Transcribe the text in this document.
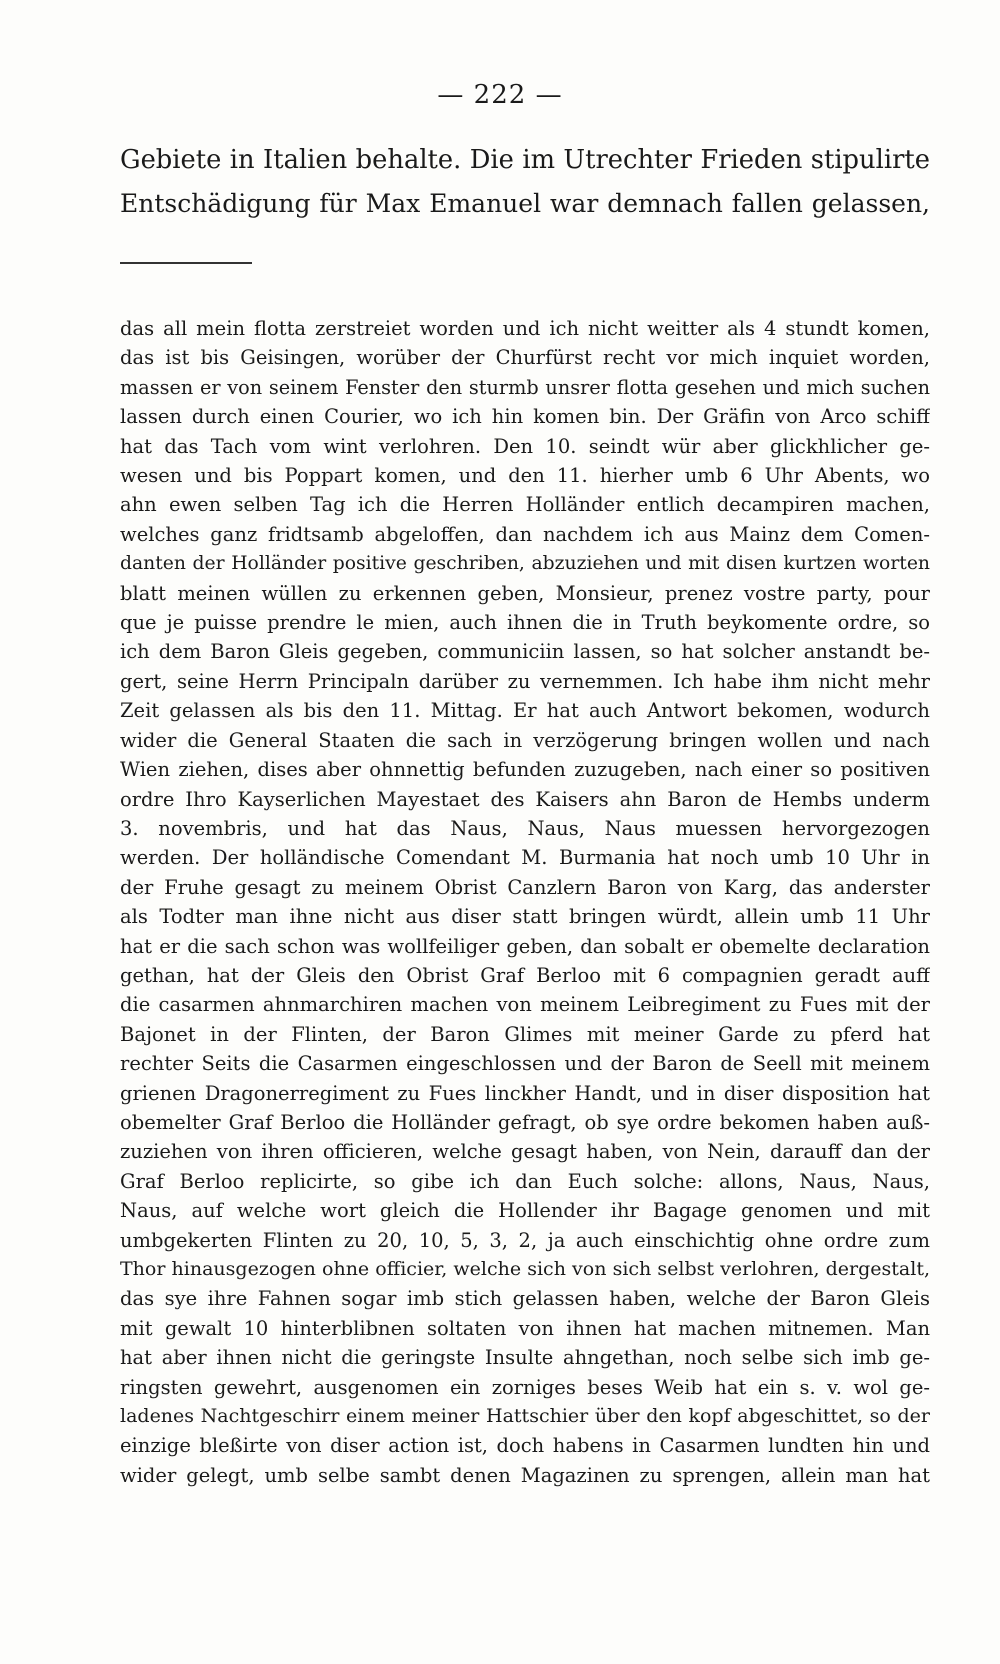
— 222 —
Gebiete in Italien behalte. Die im Utrechter Frieden stipulirte
Entschädigung für Max Emanuel war demnach fallen gelassen,
das all mein flotta zerstreiet worden und ich nicht weitter als 4 stundt komen,
das ist bis Geisingen, worüber der Churfürst recht vor mich inquiet worden,
massen er von seinem Fenster den sturmb unsrer flotta gesehen und mich suchen
lassen durch einen Courier, wo ich hin komen bin. Der Gräfin von Arco schiff
hat das Tach vom wint verlohren. Den 10. seindt wür aber glickhlicher ge-
wesen und bis Poppart komen, und den 11. hierher umb 6 Uhr Abents, wo
ahn ewen selben Tag ich die Herren Holländer entlich decampiren machen,
welches ganz fridtsamb abgeloffen, dan nachdem ich aus Mainz dem Comen-
danten der Holländer positive geschriben, abzuziehen und mit disen kurtzen worten
blatt meinen wüllen zu erkennen geben, Monsieur, prenez vostre party, pour
que je puisse prendre le mien, auch ihnen die in Truth beykomente ordre, so
ich dem Baron Gleis gegeben, communiciin lassen, so hat solcher anstandt be-
gert, seine Herrn Principaln darüber zu vernemmen. Ich habe ihm nicht mehr
Zeit gelassen als bis den 11. Mittag. Er hat auch Antwort bekomen, wodurch
wider die General Staaten die sach in verzögerung bringen wollen und nach
Wien ziehen, dises aber ohnnettig befunden zuzugeben, nach einer so positiven
ordre Ihro Kayserlichen Mayestaet des Kaisers ahn Baron de Hembs underm
3. novembris, und hat das Naus, Naus, Naus muessen hervorgezogen
werden. Der holländische Comendant M. Burmania hat noch umb 10 Uhr in
der Fruhe gesagt zu meinem Obrist Canzlern Baron von Karg, das anderster
als Todter man ihne nicht aus diser statt bringen würdt, allein umb 11 Uhr
hat er die sach schon was wollfeiliger geben, dan sobalt er obemelte declaration
gethan, hat der Gleis den Obrist Graf Berloo mit 6 compagnien geradt auff
die casarmen ahnmarchiren machen von meinem Leibregiment zu Fues mit der
Bajonet in der Flinten, der Baron Glimes mit meiner Garde zu pferd hat
rechter Seits die Casarmen eingeschlossen und der Baron de Seell mit meinem
grienen Dragonerregiment zu Fues linckher Handt, und in diser disposition hat
obemelter Graf Berloo die Holländer gefragt, ob sye ordre bekomen haben auß-
zuziehen von ihren officieren, welche gesagt haben, von Nein, darauff dan der
Graf Berloo replicirte, so gibe ich dan Euch solche: allons, Naus, Naus,
Naus, auf welche wort gleich die Hollender ihr Bagage genomen und mit
umbgekerten Flinten zu 20, 10, 5, 3, 2, ja auch einschichtig ohne ordre zum
Thor hinausgezogen ohne officier, welche sich von sich selbst verlohren, dergestalt,
das sye ihre Fahnen sogar imb stich gelassen haben, welche der Baron Gleis
mit gewalt 10 hinterblibnen soltaten von ihnen hat machen mitnemen. Man
hat aber ihnen nicht die geringste Insulte ahngethan, noch selbe sich imb ge-
ringsten gewehrt, ausgenomen ein zorniges beses Weib hat ein s. v. wol ge-
ladenes Nachtgeschirr einem meiner Hattschier über den kopf abgeschittet, so der
einzige bleßirte von diser action ist, doch habens in Casarmen lundten hin und
wider gelegt, umb selbe sambt denen Magazinen zu sprengen, allein man hat
